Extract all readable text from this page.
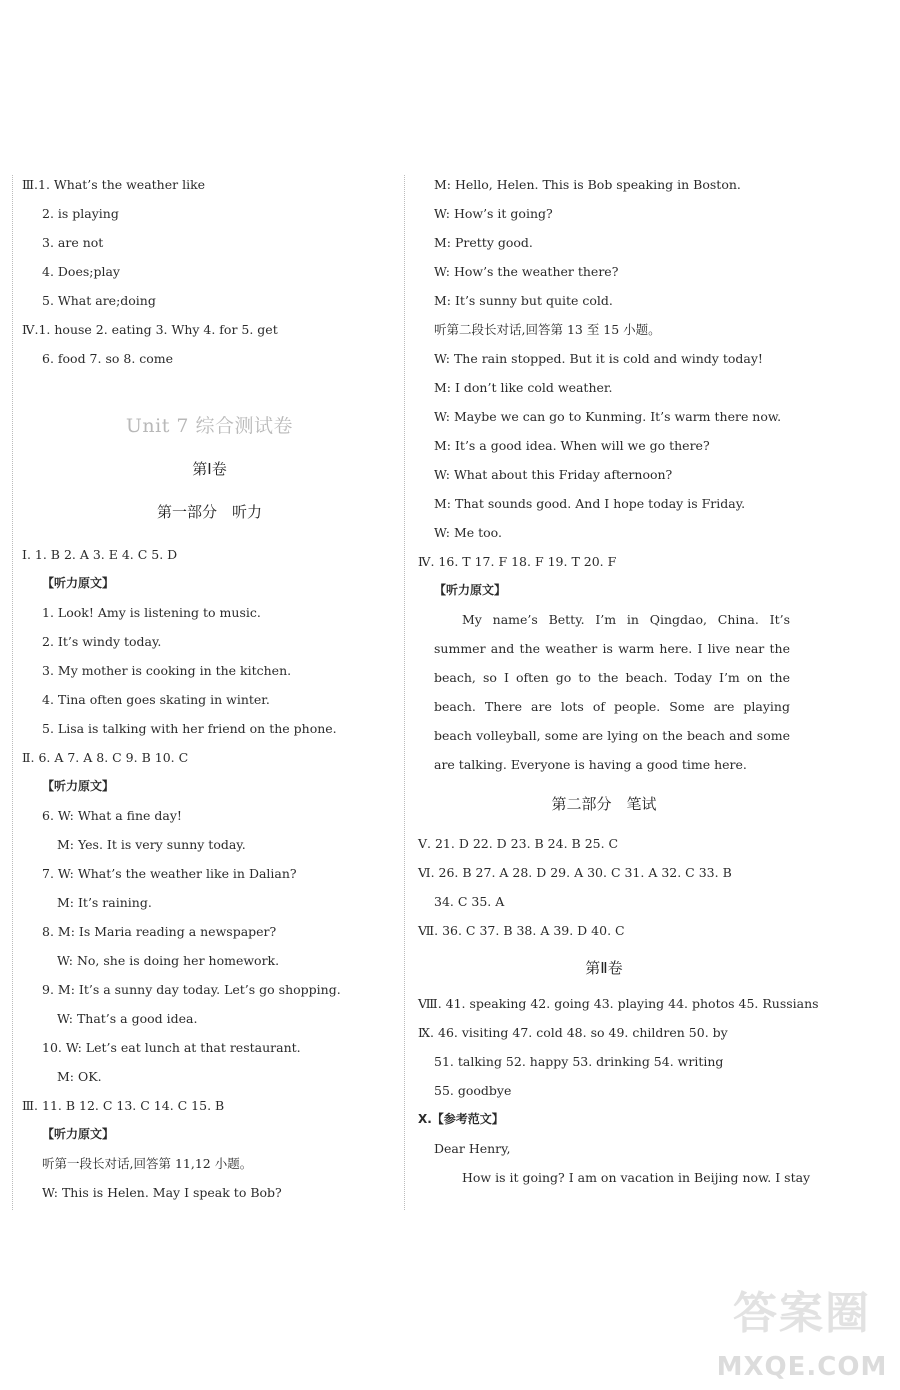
Ⅲ.1. What’s the weather like
2. is playing
3. are not
4. Does;play
5. What are;doing
Ⅳ.1. house 2. eating 3. Why 4. for 5. get
6. food 7. so 8. come
Unit 7 综合测试卷
第Ⅰ卷
第一部分　听力
Ⅰ. 1. B 2. A 3. E 4. C 5. D
【听力原文】
1. Look! Amy is listening to music.
2. It’s windy today.
3. My mother is cooking in the kitchen.
4. Tina often goes skating in winter.
5. Lisa is talking with her friend on the phone.
Ⅱ. 6. A 7. A 8. C 9. B 10. C
【听力原文】
6. W: What a fine day!
M: Yes. It is very sunny today.
7. W: What’s the weather like in Dalian?
M: It’s raining.
8. M: Is Maria reading a newspaper?
W: No, she is doing her homework.
9. M: It’s a sunny day today. Let’s go shopping.
W: That’s a good idea.
10. W: Let’s eat lunch at that restaurant.
M: OK.
Ⅲ. 11. B 12. C 13. C 14. C 15. B
【听力原文】
听第一段长对话,回答第 11,12 小题。
W: This is Helen. May I speak to Bob?
M: Hello, Helen. This is Bob speaking in Boston.
W: How’s it going?
M: Pretty good.
W: How’s the weather there?
M: It’s sunny but quite cold.
听第二段长对话,回答第 13 至 15 小题。
W: The rain stopped. But it is cold and windy today!
M: I don’t like cold weather.
W: Maybe we can go to Kunming. It’s warm there now.
M: It’s a good idea. When will we go there?
W: What about this Friday afternoon?
M: That sounds good. And I hope today is Friday.
W: Me too.
Ⅳ. 16. T 17. F 18. F 19. T 20. F
【听力原文】
My name’s Betty. I’m in Qingdao, China. It’s summer and the weather is warm here. I live near the beach, so I often go to the beach. Today I’m on the beach. There are lots of people. Some are playing beach volleyball, some are lying on the beach and some are talking. Everyone is having a good time here.
第二部分　笔试
Ⅴ. 21. D 22. D 23. B 24. B 25. C
Ⅵ. 26. B 27. A 28. D 29. A 30. C 31. A 32. C 33. B
34. C 35. A
Ⅶ. 36. C 37. B 38. A 39. D 40. C
第Ⅱ卷
Ⅷ. 41. speaking 42. going 43. playing 44. photos 45. Russians
Ⅸ. 46. visiting 47. cold 48. so 49. children 50. by
51. talking 52. happy 53. drinking 54. writing
55. goodbye
Ⅹ.【参考范文】
Dear Henry,
How is it going? I am on vacation in Beijing now. I stay
答案圈
MXQE.COM
